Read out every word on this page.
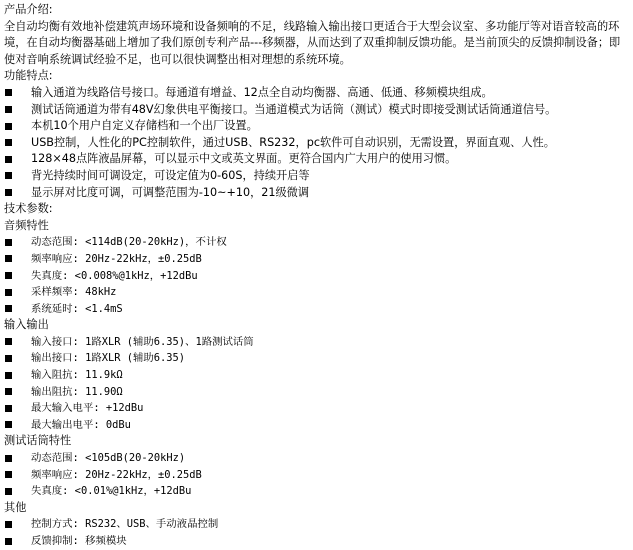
产品介绍:
全自动均衡有效地补偿建筑声场环境和设备频响的不足，线路输入输出接口更适合于大型会议室、多功能厅等对语音较高的环境，在自动均衡器基础上增加了我们原创专利产品---移频器，从而达到了双重抑制反馈功能。是当前顶尖的反馈抑制设备；即使对音响系统调试经验不足，也可以很快调整出相对理想的系统环境。
功能特点:
输入通道为线路信号接口。每通道有增益、12点全自动均衡器、高通、低通、移频模块组成。
测试话筒通道为带有48V幻象供电平衡接口。当通道模式为话筒（测试）模式时即接受测试话筒通道信号。
本机10个用户自定义存储档和一个出厂设置。
USB控制，人性化的PC控制软件，通过USB、RS232，pc软件可自动识别，无需设置，界面直观、人性。
128×48点阵液晶屏幕，可以显示中文或英文界面。更符合国内广大用户的使用习惯。
背光持续时间可调设定，可设定值为0-60S，持续开启等
显示屏对比度可调，可调整范围为-10~+10，21级微调
技术参数:
音频特性
动态范围: <114dB(20-20kHz)，不计权
频率响应: 20Hz-22kHz，±0.25dB
失真度: <0.008%@1kHz，+12dBu
采样频率: 48kHz
系统延时: <1.4mS
输入输出
输入接口: 1路XLR (辅助6.35)、1路测试话筒
输出接口: 1路XLR (辅助6.35)
输入阻抗: 11.9kΩ
输出阻抗: 11.90Ω
最大输入电平: +12dBu
最大输出电平: 0dBu
测试话筒特性
动态范围: <105dB(20-20kHz)
频率响应: 20Hz-22kHz，±0.25dB
失真度: <0.01%@1kHz，+12dBu
其他
控制方式: RS232、USB、手动液晶控制
反馈抑制: 移频模块
